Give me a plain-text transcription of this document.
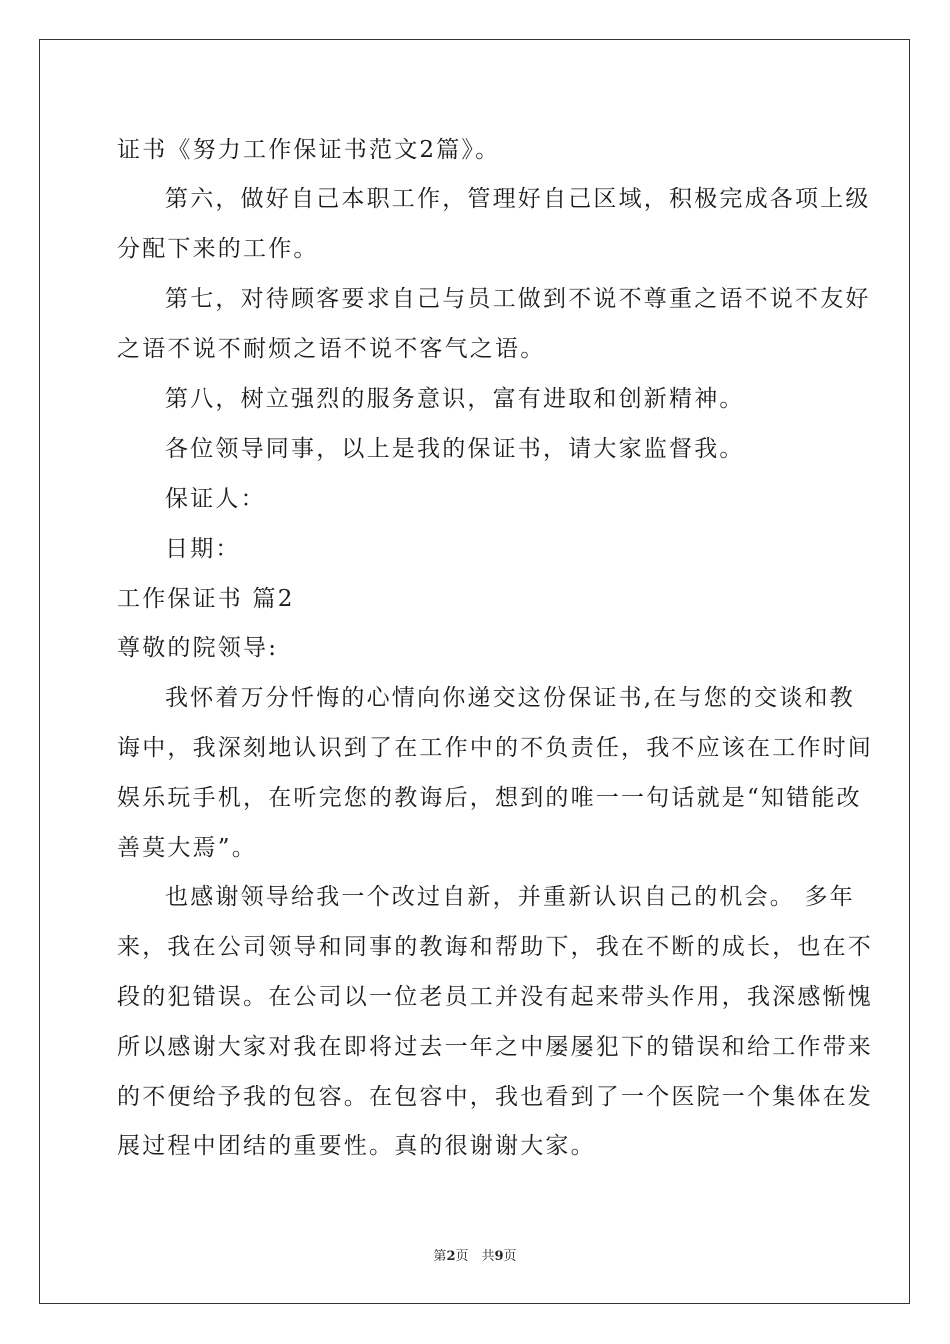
证书《努力工作保证书范文2篇》。
第六，做好自己本职工作，管理好自己区域，积极完成各项上级
分配下来的工作。
第七，对待顾客要求自己与员工做到不说不尊重之语不说不友好
之语不说不耐烦之语不说不客气之语。
第八，树立强烈的服务意识，富有进取和创新精神。
各位领导同事，以上是我的保证书，请大家监督我。
保证人：
日期：
工作保证书 篇2
尊敬的院领导:
我怀着万分忏悔的心情向你递交这份保证书,在与您的交谈和教
诲中，我深刻地认识到了在工作中的不负责任，我不应该在工作时间
娱乐玩手机，在听完您的教诲后，想到的唯一一句话就是“知错能改
善莫大焉”。
也感谢领导给我一个改过自新，并重新认识自己的机会。 多年
来，我在公司领导和同事的教诲和帮助下，我在不断的成长，也在不
段的犯错误。在公司以一位老员工并没有起来带头作用，我深感惭愧
所以感谢大家对我在即将过去一年之中屡屡犯下的错误和给工作带来
的不便给予我的包容。在包容中，我也看到了一个医院一个集体在发
展过程中团结的重要性。真的很谢谢大家。
第2页　共9页
